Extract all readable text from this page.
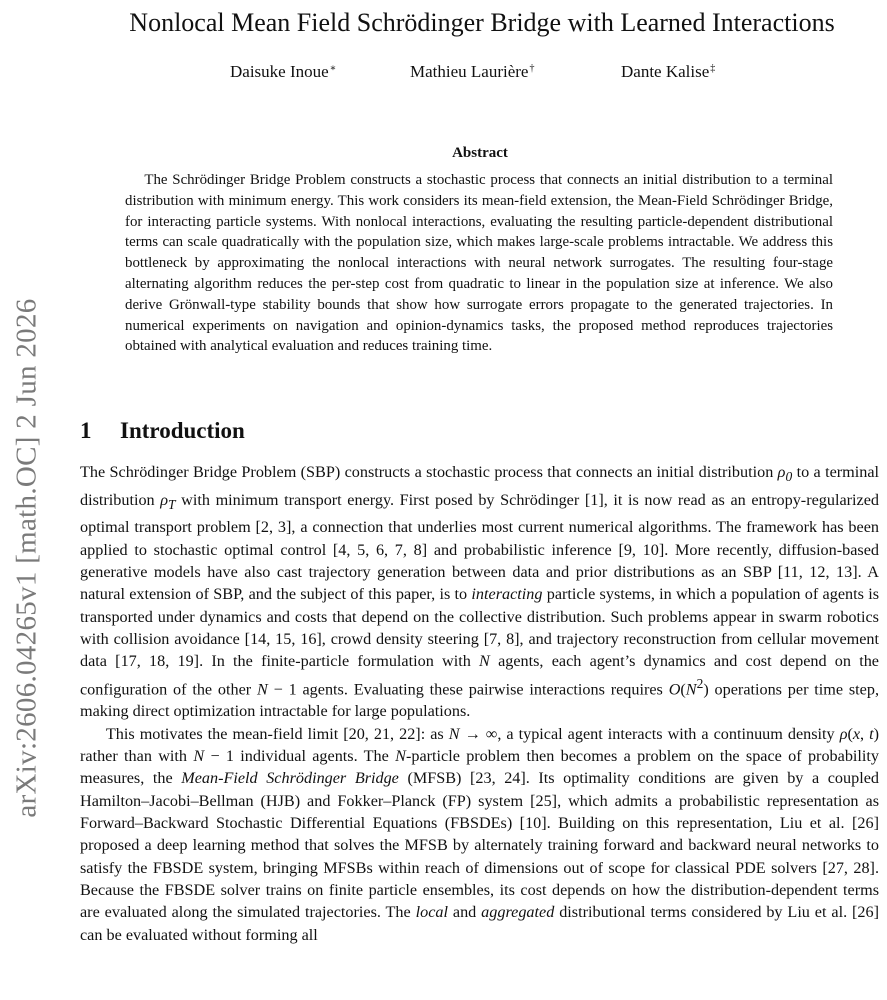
arXiv:2606.04265v1 [math.OC] 2 Jun 2026
Nonlocal Mean Field Schrödinger Bridge with Learned Interactions
Daisuke Inoue∗	Mathieu Laurière†	Dante Kalise‡
Abstract

The Schrödinger Bridge Problem constructs a stochastic process that connects an initial distribution to a terminal distribution with minimum energy. This work considers its mean-field extension, the Mean-Field Schrödinger Bridge, for interacting particle systems. With nonlocal interactions, evaluating the resulting particle-dependent distributional terms can scale quadratically with the population size, which makes large-scale problems intractable. We address this bottleneck by approximating the nonlocal interactions with neural network surrogates. The resulting four-stage alternating algorithm reduces the per-step cost from quadratic to linear in the population size at inference. We also derive Grönwall-type stability bounds that show how surrogate errors propagate to the generated trajectories. In numerical experiments on navigation and opinion-dynamics tasks, the proposed method reproduces trajectories obtained with analytical evaluation and reduces training time.

1 Introduction

The Schrödinger Bridge Problem (SBP) constructs a stochastic process that connects an initial distribution $\rho_0$ to a terminal distribution $\rho_T$ with minimum transport energy. First posed by Schrödinger [1], it is now read as an entropy-regularized optimal transport problem [2, 3], a connection that underlies most current numerical algorithms. The framework has been applied to stochastic optimal control [4, 5, 6, 7, 8] and probabilistic inference [9, 10]. More recently, diffusion-based generative models have also cast trajectory generation between data and prior distributions as an SBP [11, 12, 13]. A natural extension of SBP, and the subject of this paper, is to interacting particle systems, in which a population of agents is transported under dynamics and costs that depend on the collective distribution. Such problems appear in swarm robotics with collision avoidance [14, 15, 16], crowd density steering [7, 8], and trajectory reconstruction from cellular movement data [17, 18, 19]. In the finite-particle formulation with N agents, each agent’s dynamics and cost depend on the configuration of the other N − 1 agents. Evaluating these pairwise interactions requires $O(N^2)$ operations per time step, making direct optimization intractable for large populations.

This motivates the mean-field limit [20, 21, 22]: as N → ∞, a typical agent interacts with a continuum density ρ(x, t) rather than with N − 1 individual agents. The N-particle problem then becomes a problem on the space of probability measures, the Mean-Field Schrödinger Bridge (MFSB) [23, 24]. Its optimality conditions are given by a coupled Hamilton–Jacobi–Bellman (HJB) and Fokker–Planck (FP) system [25], which admits a probabilistic representation as Forward–Backward Stochastic Differential Equations (FBSDEs) [10]. Building on this representation, Liu et al. [26] proposed a deep learning method that solves the MFSB by alternately training forward and backward neural networks to satisfy the FBSDE system, bringing MFSBs within reach of dimensions out of scope for classical PDE solvers [27, 28]. Because the FBSDE solver trains on finite particle ensembles, its cost depends on how the distribution-dependent terms are evaluated along the simulated trajectories. The local and aggregated distributional terms considered by Liu et al. [26] can be evaluated without forming all
